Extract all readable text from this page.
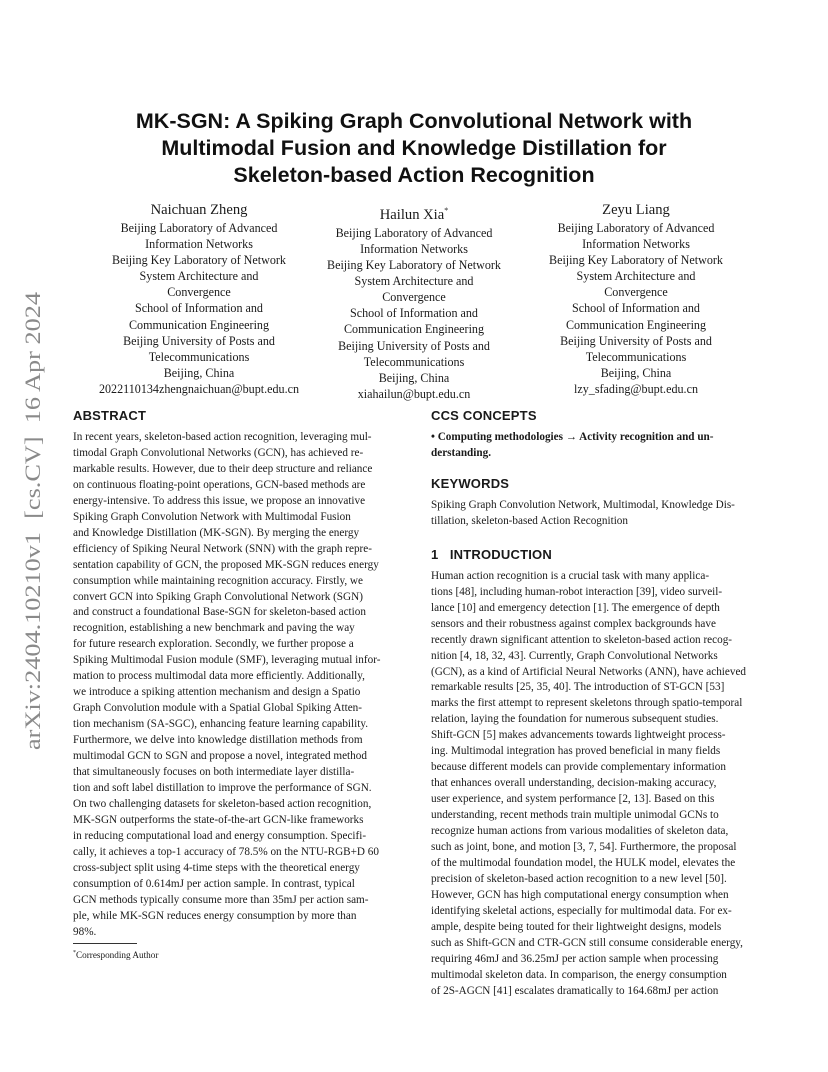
arXiv:2404.10210v1  [cs.CV]  16 Apr 2024
MK-SGN: A Spiking Graph Convolutional Network with
Multimodal Fusion and Knowledge Distillation for
Skeleton-based Action Recognition
Naichuan Zheng
Beijing Laboratory of Advanced
Information Networks
Beijing Key Laboratory of Network
System Architecture and
Convergence
School of Information and
Communication Engineering
Beijing University of Posts and
Telecommunications
Beijing, China
2022110134zhengnaichuan@bupt.edu.cn
Hailun Xia*
Beijing Laboratory of Advanced
Information Networks
Beijing Key Laboratory of Network
System Architecture and
Convergence
School of Information and
Communication Engineering
Beijing University of Posts and
Telecommunications
Beijing, China
xiahailun@bupt.edu.cn
Zeyu Liang
Beijing Laboratory of Advanced
Information Networks
Beijing Key Laboratory of Network
System Architecture and
Convergence
School of Information and
Communication Engineering
Beijing University of Posts and
Telecommunications
Beijing, China
lzy_sfading@bupt.edu.cn
ABSTRACT
In recent years, skeleton-based action recognition, leveraging mul-
timodal Graph Convolutional Networks (GCN), has achieved re-
markable results. However, due to their deep structure and reliance
on continuous floating-point operations, GCN-based methods are
energy-intensive. To address this issue, we propose an innovative
Spiking Graph Convolution Network with Multimodal Fusion
and Knowledge Distillation (MK-SGN). By merging the energy
efficiency of Spiking Neural Network (SNN) with the graph repre-
sentation capability of GCN, the proposed MK-SGN reduces energy
consumption while maintaining recognition accuracy. Firstly, we
convert GCN into Spiking Graph Convolutional Network (SGN)
and construct a foundational Base-SGN for skeleton-based action
recognition, establishing a new benchmark and paving the way
for future research exploration. Secondly, we further propose a
Spiking Multimodal Fusion module (SMF), leveraging mutual infor-
mation to process multimodal data more efficiently. Additionally,
we introduce a spiking attention mechanism and design a Spatio
Graph Convolution module with a Spatial Global Spiking Atten-
tion mechanism (SA-SGC), enhancing feature learning capability.
Furthermore, we delve into knowledge distillation methods from
multimodal GCN to SGN and propose a novel, integrated method
that simultaneously focuses on both intermediate layer distilla-
tion and soft label distillation to improve the performance of SGN.
On two challenging datasets for skeleton-based action recognition,
MK-SGN outperforms the state-of-the-art GCN-like frameworks
in reducing computational load and energy consumption. Specifi-
cally, it achieves a top-1 accuracy of 78.5% on the NTU-RGB+D 60
cross-subject split using 4-time steps with the theoretical energy
consumption of 0.614mJ per action sample. In contrast, typical
GCN methods typically consume more than 35mJ per action sam-
ple, while MK-SGN reduces energy consumption by more than
98%.
CCS CONCEPTS
• Computing methodologies → Activity recognition and un-
derstanding.
KEYWORDS
Spiking Graph Convolution Network, Multimodal, Knowledge Dis-
tillation, skeleton-based Action Recognition
1   INTRODUCTION
Human action recognition is a crucial task with many applica-
tions [48], including human-robot interaction [39], video surveil-
lance [10] and emergency detection [1]. The emergence of depth
sensors and their robustness against complex backgrounds have
recently drawn significant attention to skeleton-based action recog-
nition [4, 18, 32, 43]. Currently, Graph Convolutional Networks
(GCN), as a kind of Artificial Neural Networks (ANN), have achieved
remarkable results [25, 35, 40]. The introduction of ST-GCN [53]
marks the first attempt to represent skeletons through spatio-temporal
relation, laying the foundation for numerous subsequent studies.
Shift-GCN [5] makes advancements towards lightweight process-
ing. Multimodal integration has proved beneficial in many fields
because different models can provide complementary information
that enhances overall understanding, decision-making accuracy,
user experience, and system performance [2, 13]. Based on this
understanding, recent methods train multiple unimodal GCNs to
recognize human actions from various modalities of skeleton data,
such as joint, bone, and motion [3, 7, 54]. Furthermore, the proposal
of the multimodal foundation model, the HULK model, elevates the
precision of skeleton-based action recognition to a new level [50].
However, GCN has high computational energy consumption when
identifying skeletal actions, especially for multimodal data. For ex-
ample, despite being touted for their lightweight designs, models
such as Shift-GCN and CTR-GCN still consume considerable energy,
requiring 46mJ and 36.25mJ per action sample when processing
multimodal skeleton data. In comparison, the energy consumption
of 2S-AGCN [41] escalates dramatically to 164.68mJ per action
*Corresponding Author
